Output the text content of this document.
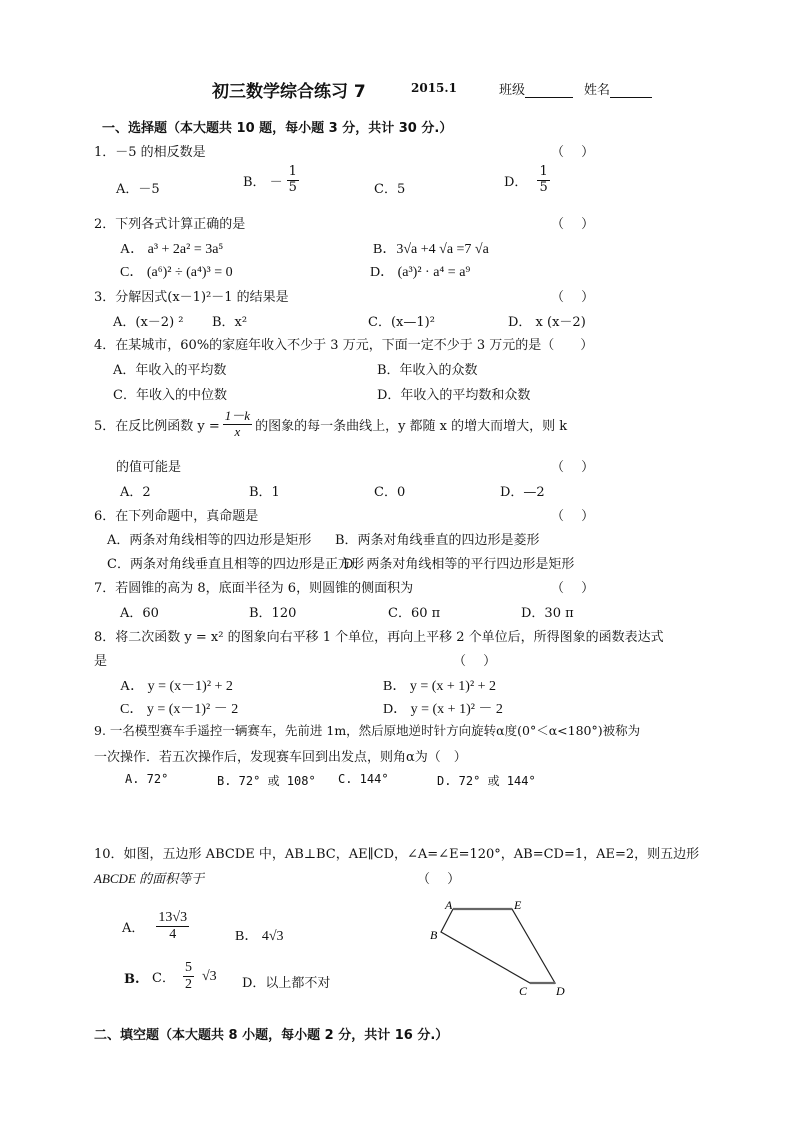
初三数学综合练习 7	2015.1	班级	姓名
一、选择题（本大题共 10 题，每小题 3 分，共计 30 分.）
1．－5 的相反数是	（　 ）
A．－5	B． － $\frac{1}{5}$	C．5	D． $\frac{1}{5}$
2．下列各式计算正确的是	（　 ）
A． a³ + 2a² = 3a⁵	B．3√a +4 √a =7 √a
C． (a⁶)² ÷ (a⁴)³ = 0	D． (a³)² · a⁴ = a⁹
3．分解因式(x－1)²－1 的结果是	（　 ）
A．(x－2) ² B．x²	C．(x—1)²	D． x (x－2)
4．在某城市，60%的家庭年收入不少于 3 万元，下面一定不少于 3 万元的是（　　）
A．年收入的平均数	B．年收入的众数
C．年收入的中位数	D．年收入的平均数和众数
5．在反比例函数 $y = \frac{1-k}{x}$ 的图象的每一条曲线上，y 都随 x 的增大而增大，则 k
的值可能是	（　 ）
A．2	B．1	C．0	D．—2
6．在下列命题中，真命题是	（　 ）
A．两条对角线相等的四边形是矩形 B．两条对角线垂直的四边形是菱形
C．两条对角线垂直且相等的四边形是正方形
D．两条对角线相等的平行四边形是矩形
7．若圆锥的高为 8，底面半径为 6，则圆锥的侧面积为	（　 ）
A．60	B．120	C．60 π	D．30 π
8．将二次函数 y = x² 的图象向右平移 1 个单位，再向上平移 2 个单位后，所得图象的函数表达式
是	（　 ）
A． y = (x－1)² + 2	B． y = (x + 1)² + 2
C． y = (x－1)² － 2	D． y = (x + 1)² － 2
9. 一名模型赛车手遥控一辆赛车，先前进 1m，然后原地逆时针方向旋转α度(0°＜α<180°)被称为
一次操作．若五次操作后，发现赛车回到出发点，则角α为（　）
A. 72°	B. 72° 或 108° C. 144°	D. 72° 或 144°
10．如图，五边形 ABCDE 中，AB⊥BC，AE∥CD，∠A=∠E=120°，AB=CD=1，AE=2，则五边形
ABCDE 的面积等于	（　 ）
A． $\frac{13√3}{4}$	B． 4√3
B. C． $\frac{5}{2} √3$ D．以上都不对
A	E
B
C D
二、填空题（本大题共 8 小题，每小题 2 分，共计 16 分.）
